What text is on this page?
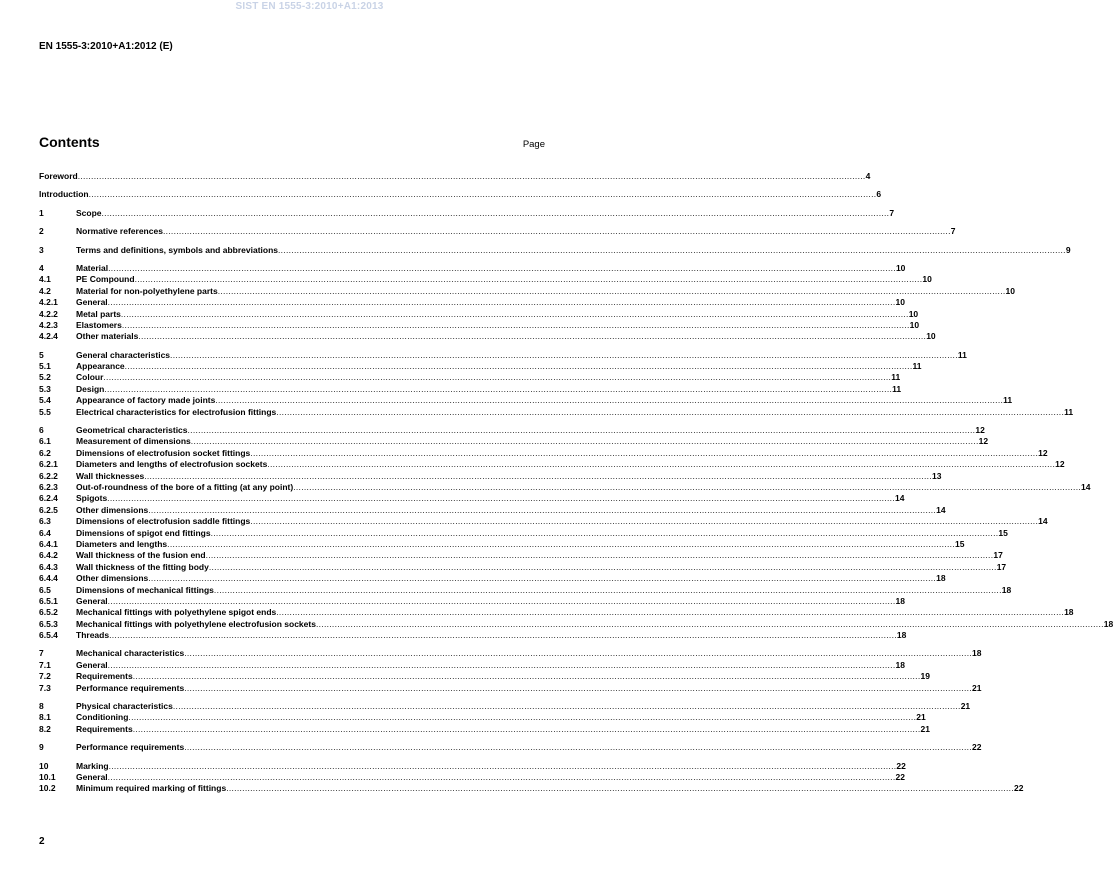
SIST EN 1555-3:2010+A1:2013
EN 1555-3:2010+A1:2012 (E)
Contents	Page
Foreword .....	4
Introduction .....	6
1	Scope .....	7
2	Normative references .....	7
3	Terms and definitions, symbols and abbreviations .....	9
4	Material .....	10
4.1	PE Compound .....	10
4.2	Material for non-polyethylene parts .....	10
4.2.1	General .....	10
4.2.2	Metal parts .....	10
4.2.3	Elastomers .....	10
4.2.4	Other materials .....	10
5	General characteristics .....	11
5.1	Appearance .....	11
5.2	Colour .....	11
5.3	Design .....	11
5.4	Appearance of factory made joints .....	11
5.5	Electrical characteristics for electrofusion fittings .....	11
6	Geometrical characteristics .....	12
6.1	Measurement of dimensions .....	12
6.2	Dimensions of electrofusion socket fittings .....	12
6.2.1	Diameters and lengths of electrofusion sockets .....	12
6.2.2	Wall thicknesses .....	13
6.2.3	Out-of-roundness of the bore of a fitting (at any point) .....	14
6.2.4	Spigots .....	14
6.2.5	Other dimensions .....	14
6.3	Dimensions of electrofusion saddle fittings .....	14
6.4	Dimensions of spigot end fittings .....	15
6.4.1	Diameters and lengths .....	15
6.4.2	Wall thickness of the fusion end .....	17
6.4.3	Wall thickness of the fitting body .....	17
6.4.4	Other dimensions .....	18
6.5	Dimensions of mechanical fittings .....	18
6.5.1	General .....	18
6.5.2	Mechanical fittings with polyethylene spigot ends .....	18
6.5.3	Mechanical fittings with polyethylene electrofusion sockets .....	18
6.5.4	Threads .....	18
7	Mechanical characteristics .....	18
7.1	General .....	18
7.2	Requirements .....	19
7.3	Performance requirements .....	21
8	Physical characteristics .....	21
8.1	Conditioning .....	21
8.2	Requirements .....	21
9	Performance requirements .....	22
10	Marking .....	22
10.1	General .....	22
10.2	Minimum required marking of fittings .....	22
2
